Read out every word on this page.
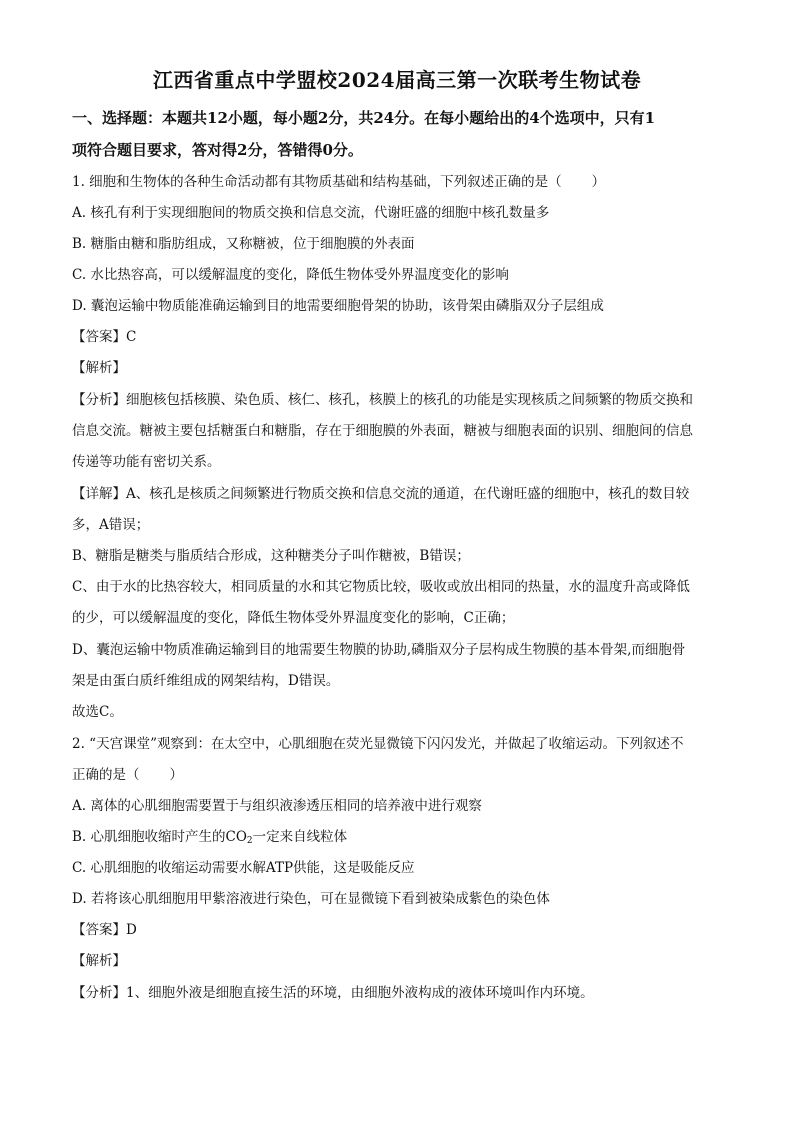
江西省重点中学盟校2024届高三第一次联考生物试卷
一、选择题：本题共12小题，每小题2分，共24分。在每小题给出的4个选项中，只有1
项符合题目要求，答对得2分，答错得0分。
1. 细胞和生物体的各种生命活动都有其物质基础和结构基础，下列叙述正确的是（ ）
A. 核孔有利于实现细胞间的物质交换和信息交流，代谢旺盛的细胞中核孔数量多
B. 糖脂由糖和脂肪组成，又称糖被，位于细胞膜的外表面
C. 水比热容高，可以缓解温度的变化，降低生物体受外界温度变化的影响
D. 囊泡运输中物质能准确运输到目的地需要细胞骨架的协助，该骨架由磷脂双分子层组成
【答案】C
【解析】
【分析】细胞核包括核膜、染色质、核仁、核孔，核膜上的核孔的功能是实现核质之间频繁的物质交换和
信息交流。糖被主要包括糖蛋白和糖脂，存在于细胞膜的外表面，糖被与细胞表面的识别、细胞间的信息
传递等功能有密切关系。
【详解】A、核孔是核质之间频繁进行物质交换和信息交流的通道，在代谢旺盛的细胞中，核孔的数目较
多，A错误；
B、糖脂是糖类与脂质结合形成，这种糖类分子叫作糖被，B错误；
C、由于水的比热容较大，相同质量的水和其它物质比较，吸收或放出相同的热量，水的温度升高或降低
的少，可以缓解温度的变化，降低生物体受外界温度变化的影响，C正确；
D、囊泡运输中物质准确运输到目的地需要生物膜的协助,磷脂双分子层构成生物膜的基本骨架,而细胞骨
架是由蛋白质纤维组成的网架结构，D错误。
故选C。
2. “天宫课堂”观察到：在太空中，心肌细胞在荧光显微镜下闪闪发光，并做起了收缩运动。下列叙述不
正确的是（ ）
A. 离体的心肌细胞需要置于与组织液渗透压相同的培养液中进行观察
B. 心肌细胞收缩时产生的$CO_2$一定来自线粒体
C. 心肌细胞的收缩运动需要水解ATP供能，这是吸能反应
D. 若将该心肌细胞用甲紫溶液进行染色，可在显微镜下看到被染成紫色的染色体
【答案】D
【解析】
【分析】1、细胞外液是细胞直接生活的环境，由细胞外液构成的液体环境叫作内环境。
